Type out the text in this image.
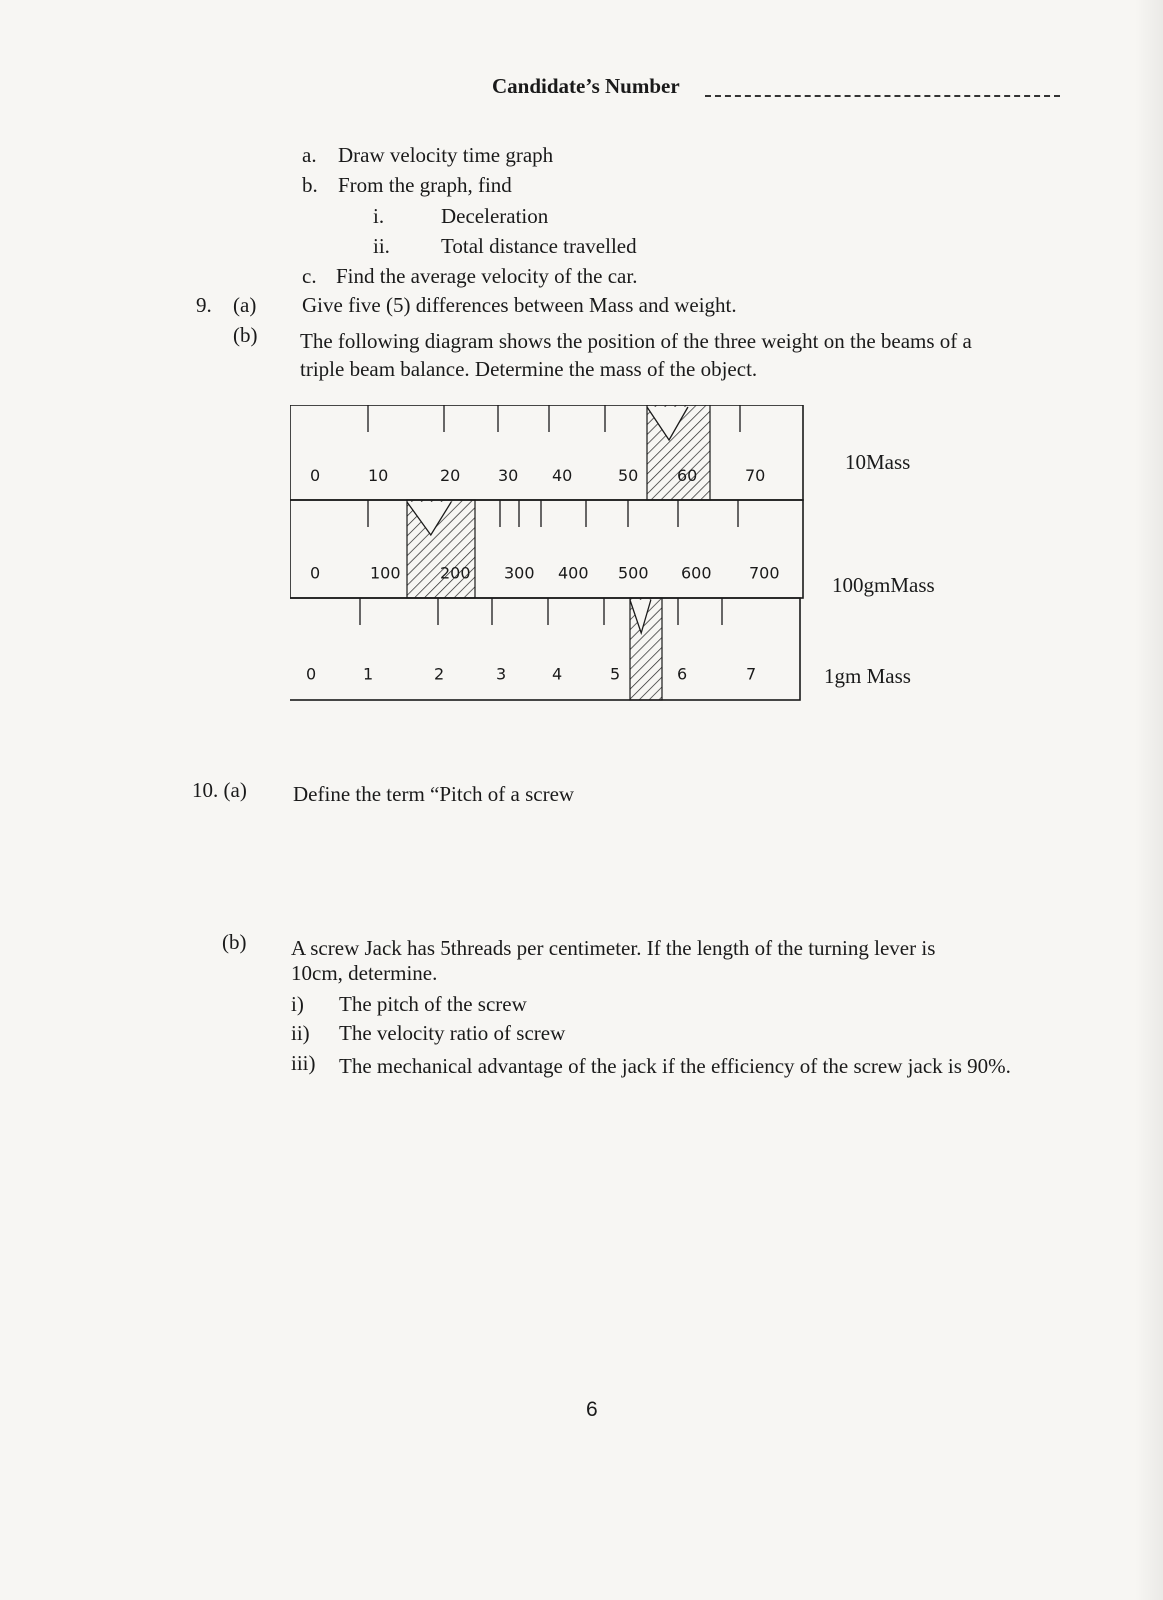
Candidate’s Number
a. Draw velocity time graph
b. From the graph, find
i.	Deceleration
ii. Total distance travelled
c. Find the average velocity of the car.
9. (a) Give five (5) differences between Mass and weight.
(b) The following diagram shows the position of the three weight on the beams of a
triple beam balance. Determine the mass of the object.
0	10	20 30 40	50 60	70
0	100 200 300 400 500 600 700
0	1	2	3	4	5	6	7
10Mass
100gmMass
1gm Mass
10. (a) Define the term “Pitch of a screw
(b) A screw Jack has 5threads per centimeter. If the length of the turning lever is
10cm, determine.
i) The pitch of the screw
ii) The velocity ratio of screw
iii) The mechanical advantage of the jack if the efficiency of the screw jack is 90%.
6
